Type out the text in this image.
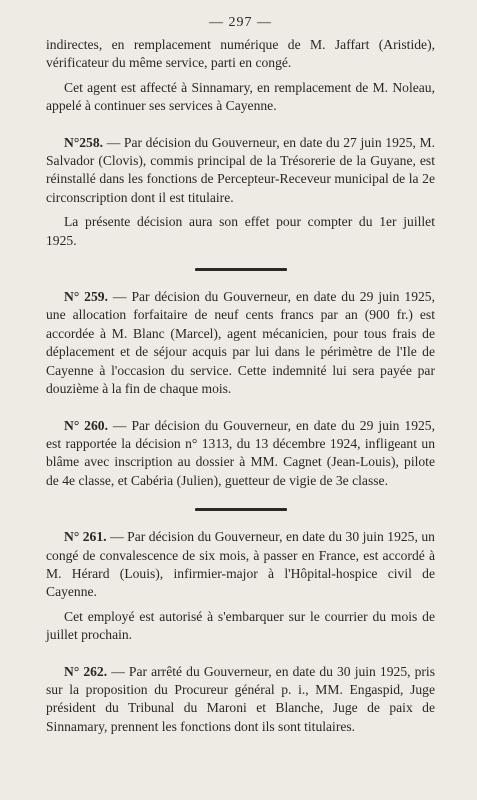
— 297 —

indirectes, en remplacement numérique de M. Jaffart (Aristide), vérificateur du même service, parti en congé.

Cet agent est affecté à Sinnamary, en remplacement de M. Noleau, appelé à continuer ses services à Cayenne.

N°258. — Par décision du Gouverneur, en date du 27 juin 1925, M. Salvador (Clovis), commis principal de la Trésorerie de la Guyane, est réinstallé dans les fonctions de Percepteur-Receveur municipal de la 2e circonscription dont il est titulaire.

La présente décision aura son effet pour compter du 1er juillet 1925.

N° 259. — Par décision du Gouverneur, en date du 29 juin 1925, une allocation forfaitaire de neuf cents francs par an (900 fr.) est accordée à M. Blanc (Marcel), agent mécanicien, pour tous frais de déplacement et de séjour acquis par lui dans le périmètre de l'Ile de Cayenne à l'occasion du service. Cette indemnité lui sera payée par douzième à la fin de chaque mois.

N° 260. — Par décision du Gouverneur, en date du 29 juin 1925, est rapportée la décision n° 1313, du 13 décembre 1924, infligeant un blâme avec inscription au dossier à MM. Cagnet (Jean-Louis), pilote de 4e classe, et Cabéria (Julien), guetteur de vigie de 3e classe.

N° 261. — Par décision du Gouverneur, en date du 30 juin 1925, un congé de convalescence de six mois, à passer en France, est accordé à M. Hérard (Louis), infirmier-major à l'Hôpital-hospice civil de Cayenne.

Cet employé est autorisé à s'embarquer sur le courrier du mois de juillet prochain.

N° 262. — Par arrêté du Gouverneur, en date du 30 juin 1925, pris sur la proposition du Procureur général p. i., MM. Engaspid, Juge président du Tribunal du Maroni et Blanche, Juge de paix de Sinnamary, prennent les fonctions dont ils sont titulaires.
